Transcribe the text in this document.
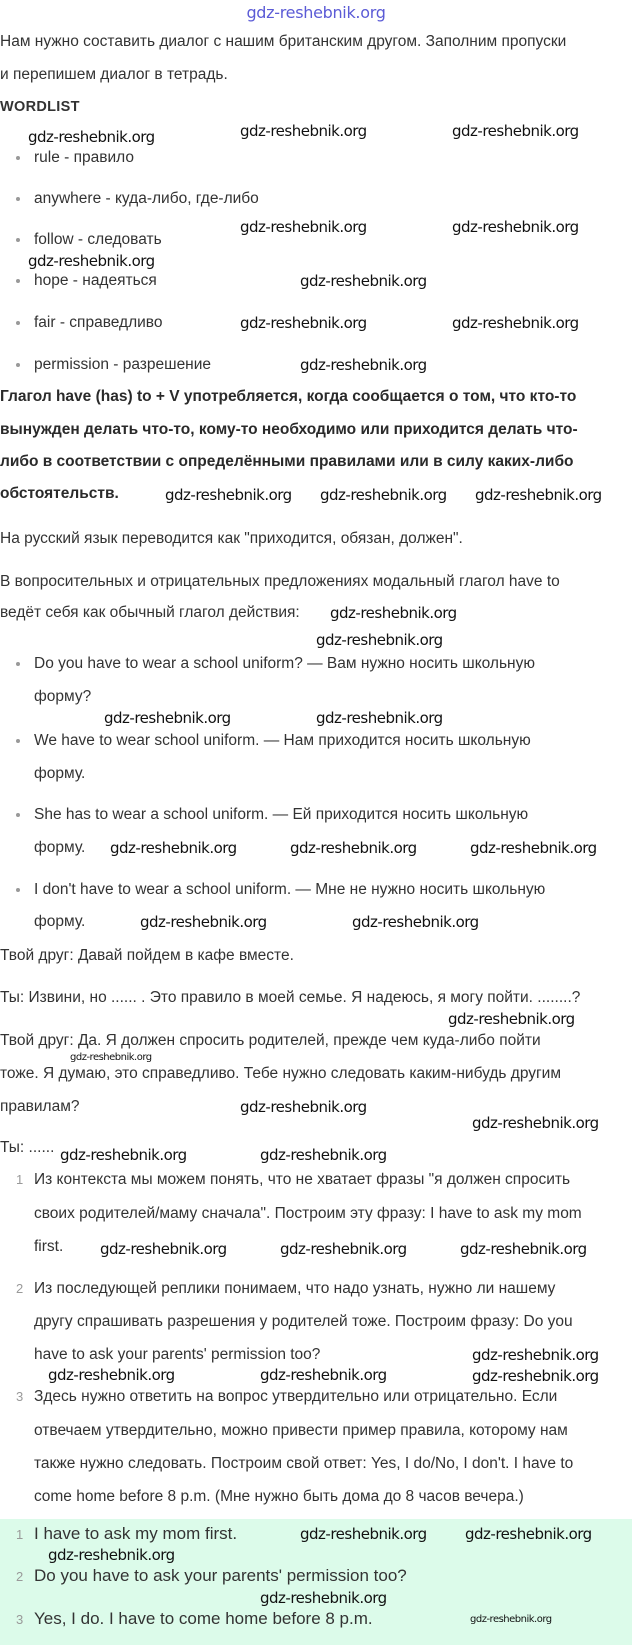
gdz-reshebnik.org
Нам нужно составить диалог с нашим британским другом. Заполним пропуски
и перепишем диалог в тетрадь.
WORDLIST
rule - правило
anywhere - куда-либо, где-либо
follow - следовать
hope - надеяться
fair - справедливо
permission - разрешение
Глагол have (has) to + V употребляется, когда сообщается о том, что кто-то
вынужден делать что-то, кому-то необходимо или приходится делать что-
либо в соответствии с определёнными правилами или в силу каких-либо
обстоятельств.
На русский язык переводится как "приходится, обязан, должен".
В вопросительных и отрицательных предложениях модальный глагол have to
ведёт себя как обычный глагол действия:
Do you have to wear a school uniform? — Вам нужно носить школьную
форму?
We have to wear school uniform. — Нам приходится носить школьную
форму.
She has to wear a school uniform. — Ей приходится носить школьную
форму.
I don't have to wear a school uniform. — Мне не нужно носить школьную
форму.
Твой друг: Давай пойдем в кафе вместе.
Ты: Извини, но ...... . Это правило в моей семье. Я надеюсь, я могу пойти. ........?
Твой друг: Да. Я должен спросить родителей, прежде чем куда-либо пойти
тоже. Я думаю, это справедливо. Тебе нужно следовать каким-нибудь другим
правилам?
Ты: ......
1 Из контекста мы можем понять, что не хватает фразы "я должен спросить
своих родителей/маму сначала". Построим эту фразу: I have to ask my mom
first.
2 Из последующей реплики понимаем, что надо узнать, нужно ли нашему
другу спрашивать разрешения у родителей тоже. Построим фразу: Do you
have to ask your parents' permission too?
3 Здесь нужно ответить на вопрос утвердительно или отрицательно. Если
отвечаем утвердительно, можно привести пример правила, которому нам
также нужно следовать. Построим свой ответ: Yes, I do/No, I don't. I have to
come home before 8 p.m. (Мне нужно быть дома до 8 часов вечера.)
1 I have to ask my mom first.
2 Do you have to ask your parents' permission too?
3 Yes, I do. I have to come home before 8 p.m.
gdz-reshebnik.org	gdz-reshebnik.org	gdz-reshebnik.org
gdz-reshebnik.org	gdz-reshebnik.org
gdz-reshebnik.org
gdz-reshebnik.org	gdz-reshebnik.org
gdz-reshebnik.org
gdz-reshebnik.org
gdz-reshebnik.org gdz-reshebnik.org gdz-reshebnik.org
gdz-reshebnik.org
gdz-reshebnik.org
gdz-reshebnik.org	gdz-reshebnik.org
gdz-reshebnik.org	gdz-reshebnik.org	gdz-reshebnik.org
gdz-reshebnik.org
gdz-reshebnik.org
gdz-reshebnik.org
gdz-reshebnik.org
gdz-reshebnik.org
gdz-reshebnik.org
gdz-reshebnik.org	gdz-reshebnik.org
gdz-reshebnik.org
gdz-reshebnik.org
gdz-reshebnik.org
gdz-reshebnik.org
gdz-reshebnik.org	gdz-reshebnik.org	gdz-reshebnik.org
gdz-reshebnik.org
gdz-reshebnik.org
gdz-reshebnik.org
gdz-reshebnik.org
gdz-reshebnik.org
